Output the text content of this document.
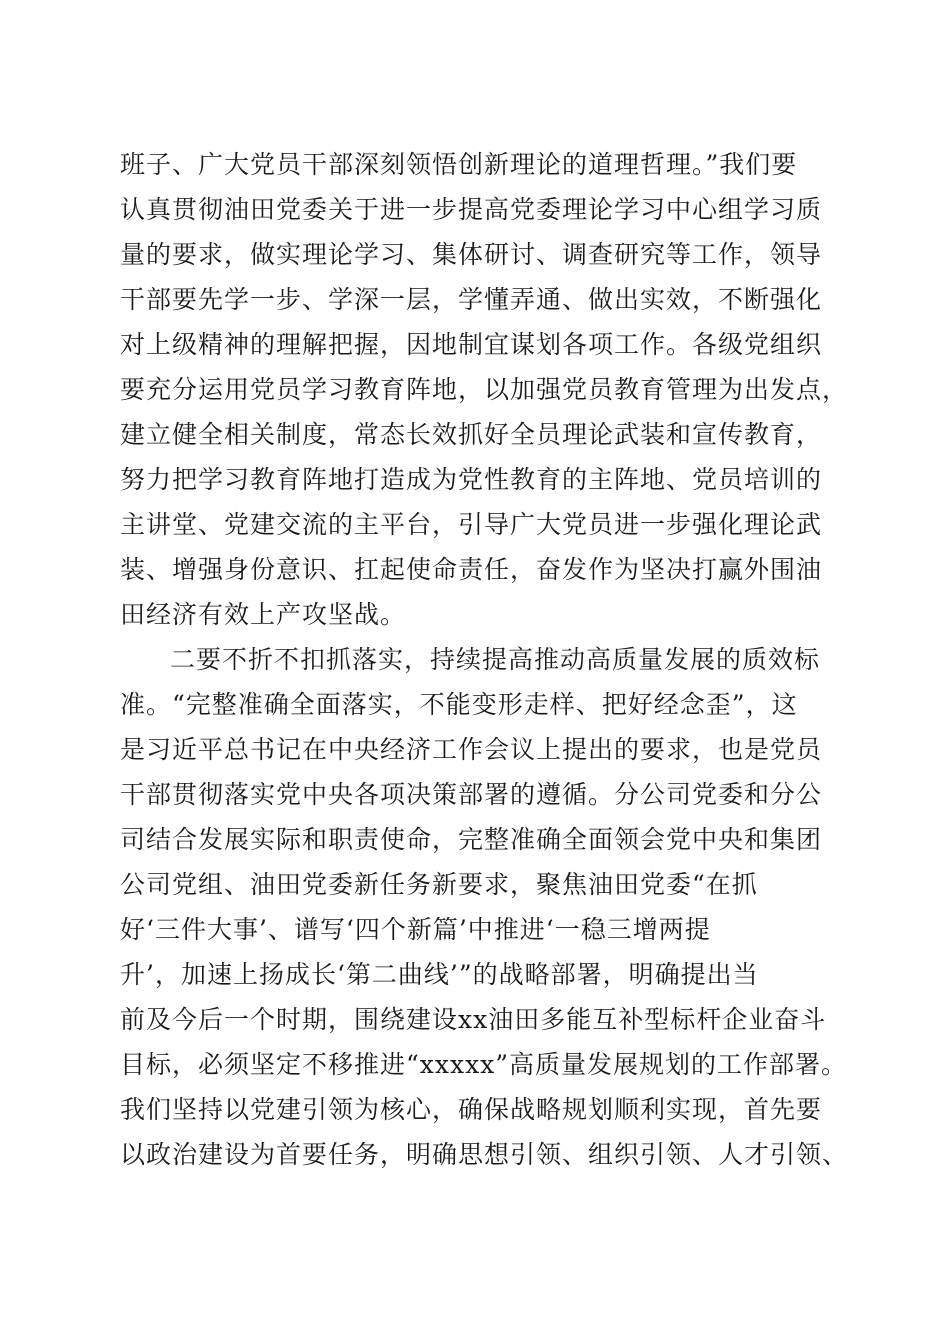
班子、广大党员干部深刻领悟创新理论的道理哲理。”我们要
认真贯彻油田党委关于进一步提高党委理论学习中心组学习质
量的要求，做实理论学习、集体研讨、调查研究等工作，领导
干部要先学一步、学深一层，学懂弄通、做出实效，不断强化
对上级精神的理解把握，因地制宜谋划各项工作。各级党组织
要充分运用党员学习教育阵地，以加强党员教育管理为出发点，
建立健全相关制度，常态长效抓好全员理论武装和宣传教育，
努力把学习教育阵地打造成为党性教育的主阵地、党员培训的
主讲堂、党建交流的主平台，引导广大党员进一步强化理论武
装、增强身份意识、扛起使命责任，奋发作为坚决打赢外围油
田经济有效上产攻坚战。
二要不折不扣抓落实，持续提高推动高质量发展的质效标
准。“完整准确全面落实，不能变形走样、把好经念歪”，这
是习近平总书记在中央经济工作会议上提出的要求，也是党员
干部贯彻落实党中央各项决策部署的遵循。分公司党委和分公
司结合发展实际和职责使命，完整准确全面领会党中央和集团
公司党组、油田党委新任务新要求，聚焦油田党委“在抓
好‘三件大事’、谱写‘四个新篇’中推进‘一稳三增两提
升’，加速上扬成长‘第二曲线’”的战略部署，明确提出当
前及今后一个时期，围绕建设xx油田多能互补型标杆企业奋斗
目标，必须坚定不移推进“xxxxx”高质量发展规划的工作部署。
我们坚持以党建引领为核心，确保战略规划顺利实现，首先要
以政治建设为首要任务，明确思想引领、组织引领、人才引领、
